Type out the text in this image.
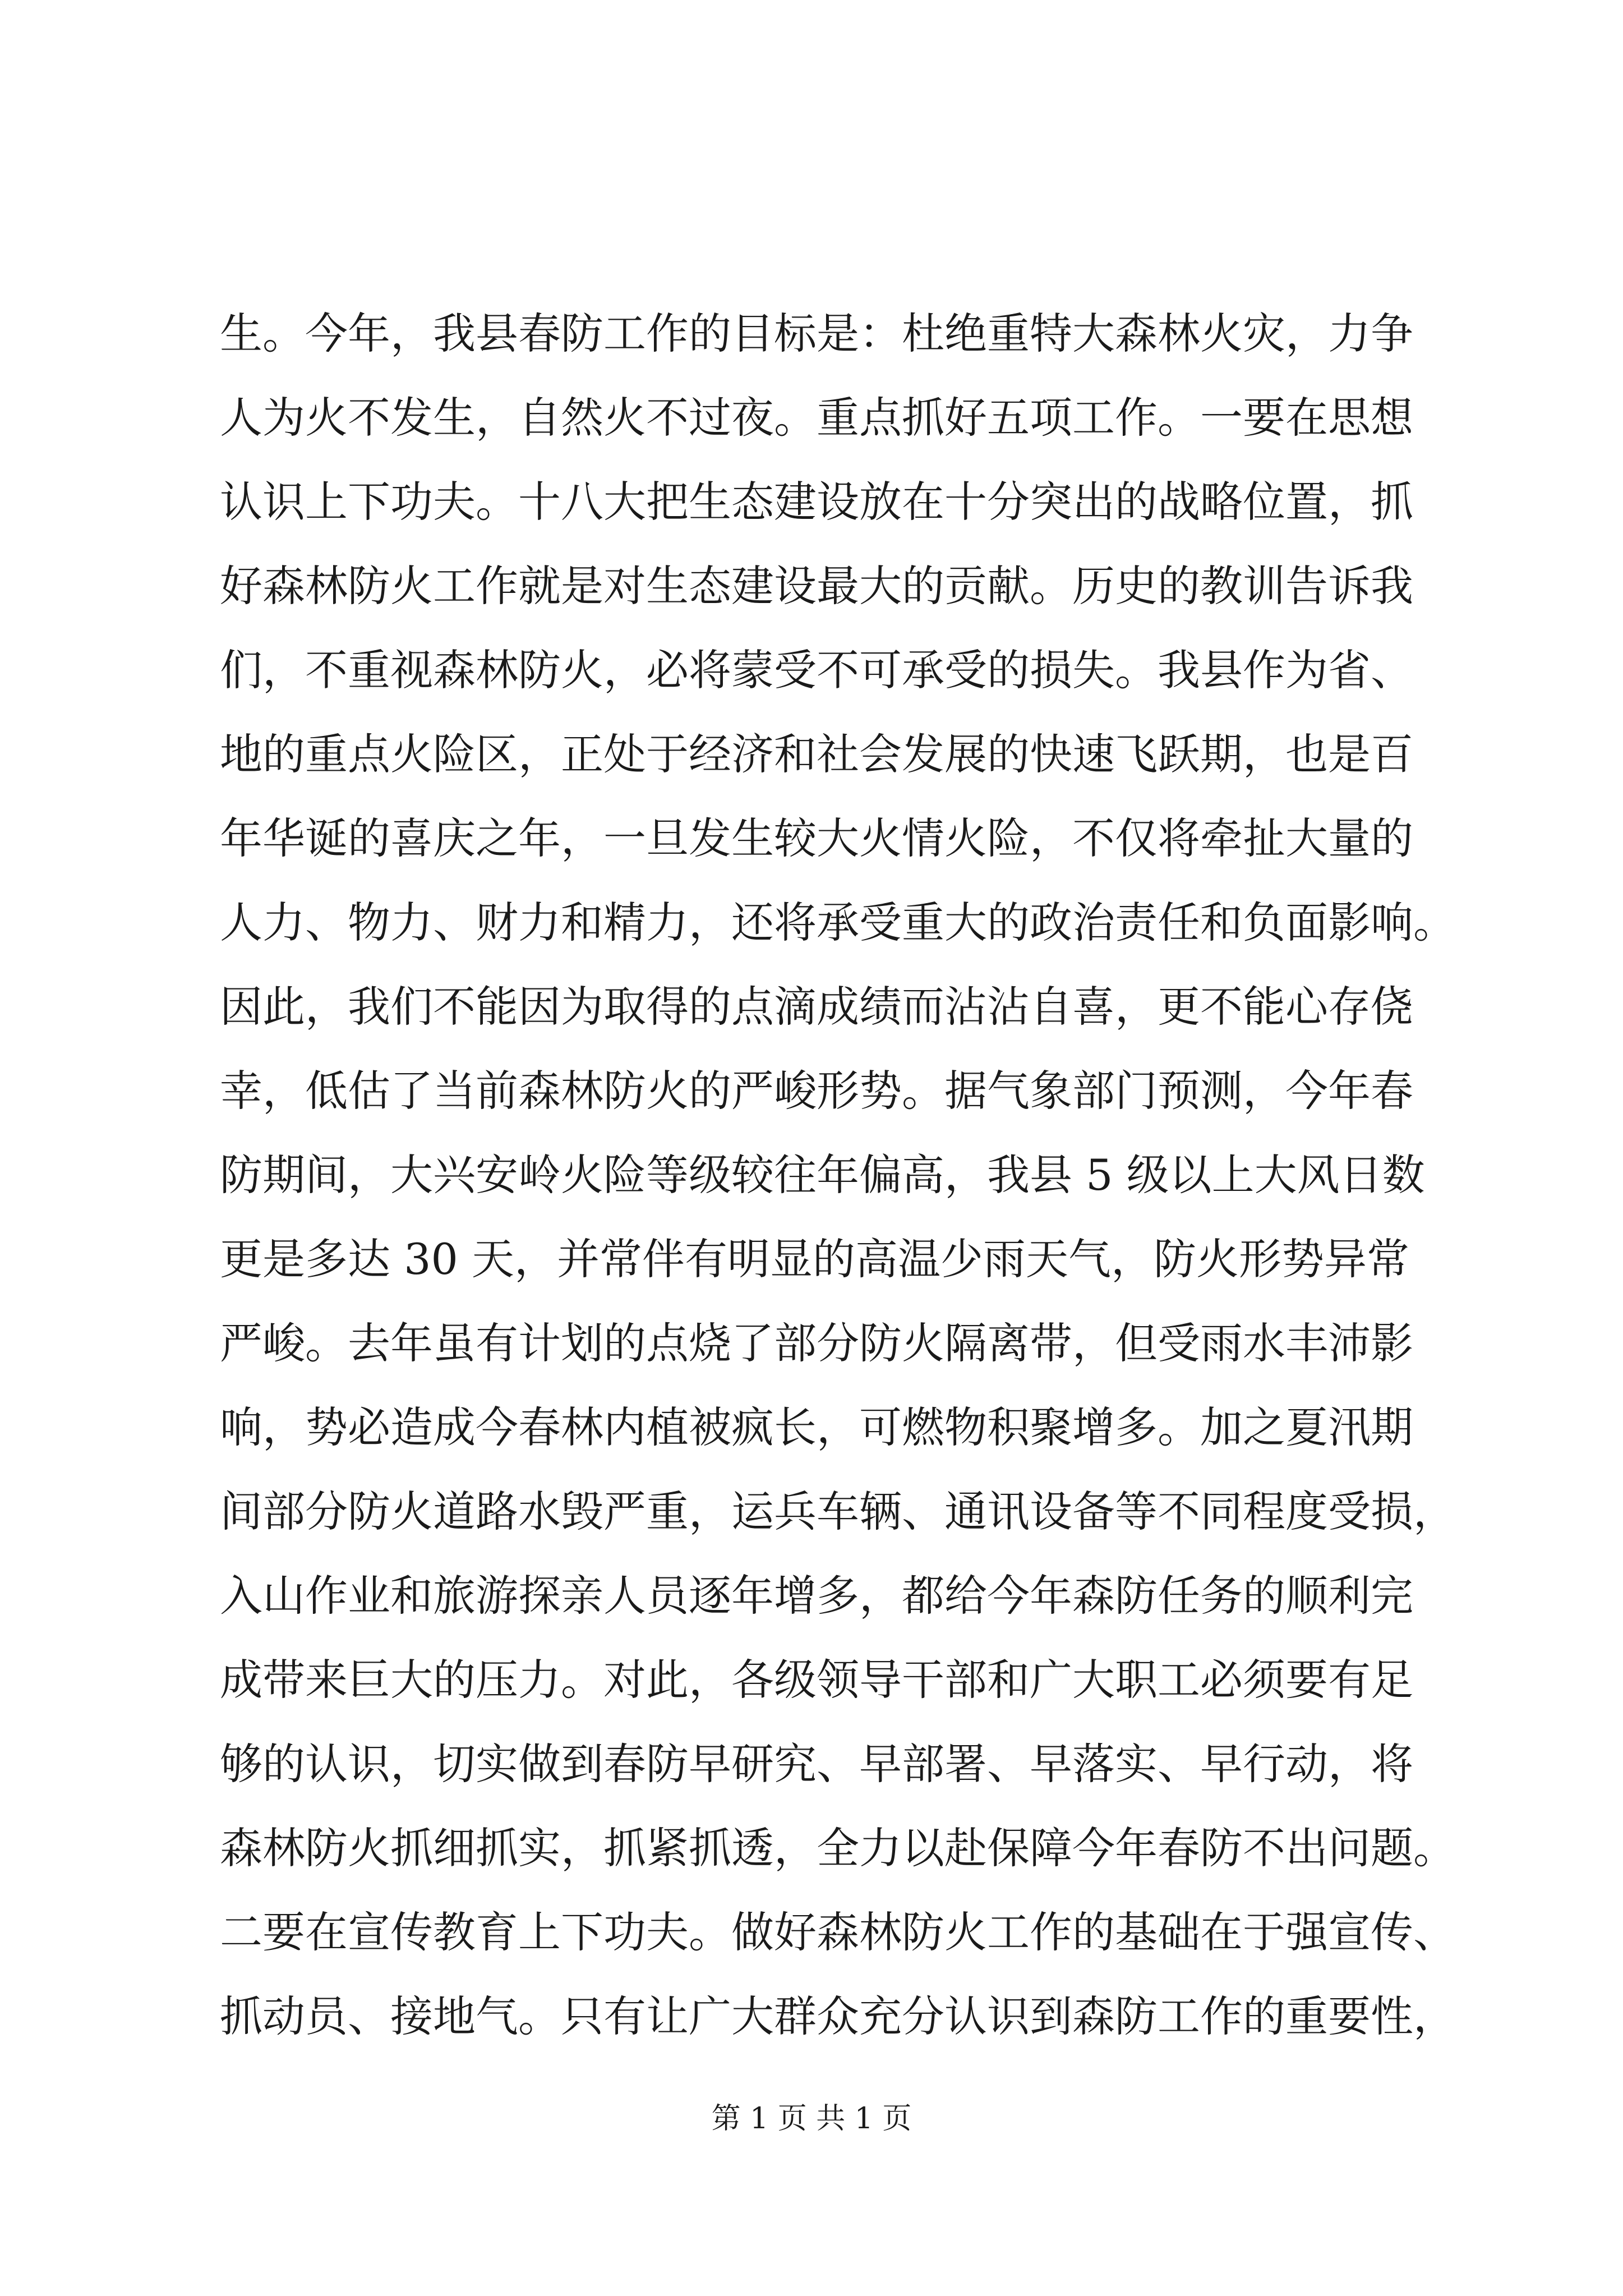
生。今年，我县春防工作的目标是：杜绝重特大森林火灾，力争
人为火不发生，自然火不过夜。重点抓好五项工作。一要在思想
认识上下功夫。十八大把生态建设放在十分突出的战略位置，抓
好森林防火工作就是对生态建设最大的贡献。历史的教训告诉我
们，不重视森林防火，必将蒙受不可承受的损失。我县作为省、
地的重点火险区，正处于经济和社会发展的快速飞跃期，也是百
年华诞的喜庆之年，一旦发生较大火情火险，不仅将牵扯大量的
人力、物力、财力和精力，还将承受重大的政治责任和负面影响。
因此，我们不能因为取得的点滴成绩而沾沾自喜，更不能心存侥
幸，低估了当前森林防火的严峻形势。据气象部门预测，今年春
防期间，大兴安岭火险等级较往年偏高，我县 5 级以上大风日数
更是多达 30 天，并常伴有明显的高温少雨天气，防火形势异常
严峻。去年虽有计划的点烧了部分防火隔离带，但受雨水丰沛影
响，势必造成今春林内植被疯长，可燃物积聚增多。加之夏汛期
间部分防火道路水毁严重，运兵车辆、通讯设备等不同程度受损，
入山作业和旅游探亲人员逐年增多，都给今年森防任务的顺利完
成带来巨大的压力。对此，各级领导干部和广大职工必须要有足
够的认识，切实做到春防早研究、早部署、早落实、早行动，将
森林防火抓细抓实，抓紧抓透，全力以赴保障今年春防不出问题。
二要在宣传教育上下功夫。做好森林防火工作的基础在于强宣传、
抓动员、接地气。只有让广大群众充分认识到森防工作的重要性，
第 1 页 共 1 页
